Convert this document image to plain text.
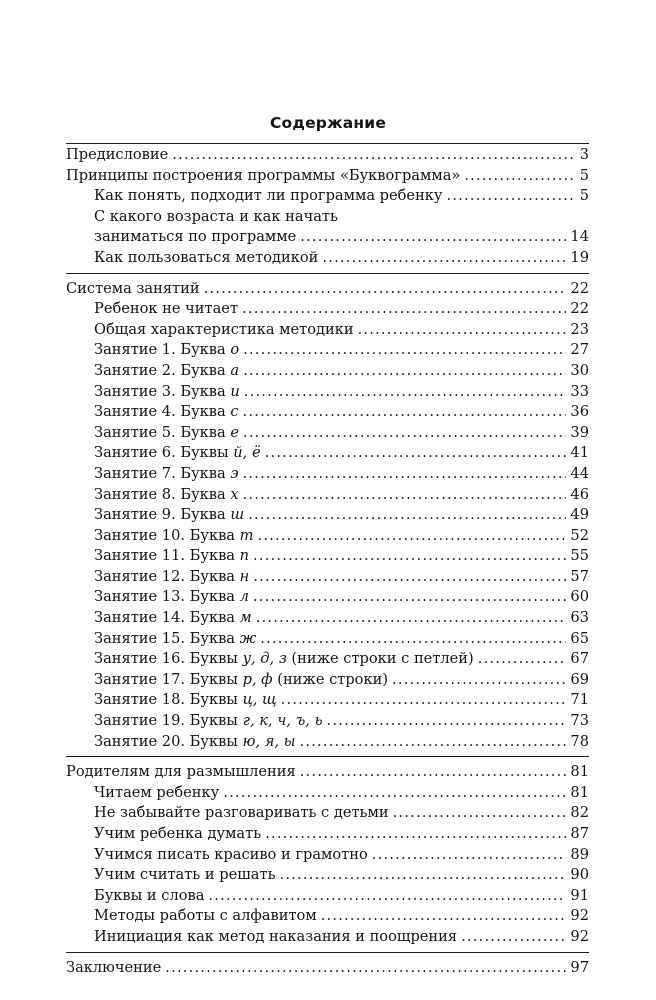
Содержание
Предисловие .....	3
Принципы построения программы «Буквограмма» .....	5
Как понять, подходит ли программа ребенку .....	5
С какого возраста и как начать
заниматься по программе .....	14
Как пользоваться методикой .....	19
Система занятий .....	22
Ребенок не читает .....	22
Общая характеристика методики .....	23
Занятие 1. Буква о .....	27
Занятие 2. Буква а .....	30
Занятие 3. Буква и .....	33
Занятие 4. Буква с .....	36
Занятие 5. Буква е .....	39
Занятие 6. Буквы й, ё .....	41
Занятие 7. Буква э .....	44
Занятие 8. Буква х .....	46
Занятие 9. Буква ш .....	49
Занятие 10. Буква т .....	52
Занятие 11. Буква п .....	55
Занятие 12. Буква н .....	57
Занятие 13. Буква л .....	60
Занятие 14. Буква м .....	63
Занятие 15. Буква ж .....	65
Занятие 16. Буквы у, д, з (ниже строки с петлей) .....	67
Занятие 17. Буквы р, ф (ниже строки) .....	69
Занятие 18. Буквы ц, щ .....	71
Занятие 19. Буквы г, к, ч, ъ, ь .....	73
Занятие 20. Буквы ю, я, ы .....	78
Родителям для размышления .....	81
Читаем ребенку .....	81
Не забывайте разговаривать с детьми .....	82
Учим ребенка думать .....	87
Учимся писать красиво и грамотно .....	89
Учим считать и решать .....	90
Буквы и слова .....	91
Методы работы с алфавитом .....	92
Инициация как метод наказания и поощрения .....	92
Заключение .....	97
